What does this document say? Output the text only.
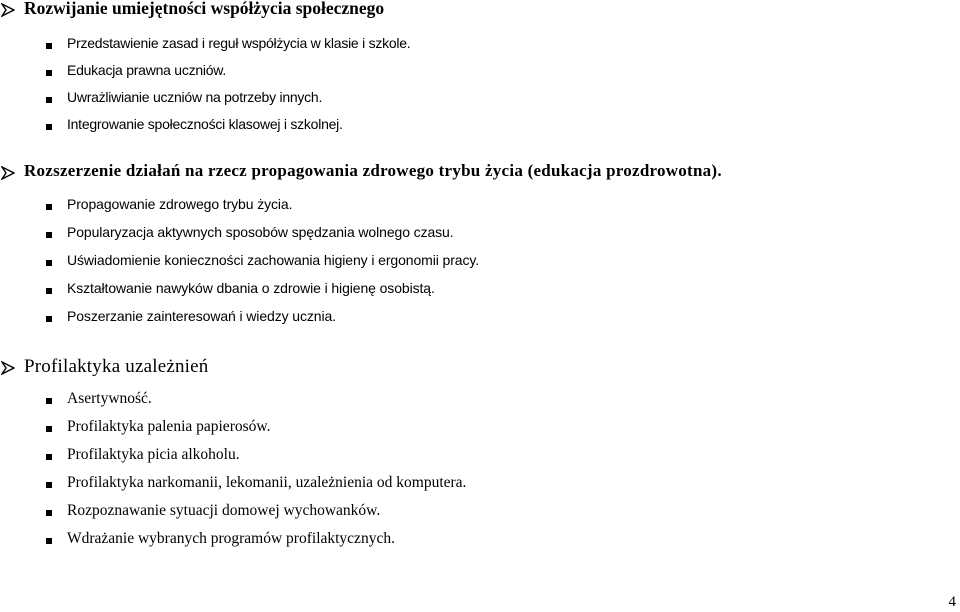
Rozwijanie umiejętności współżycia społecznego
Przedstawienie zasad i reguł współżycia w klasie i szkole.
Edukacja prawna uczniów.
Uwrażliwianie uczniów na potrzeby innych.
Integrowanie społeczności klasowej i szkolnej.
Rozszerzenie działań na rzecz propagowania zdrowego trybu życia (edukacja prozdrowotna).
Propagowanie zdrowego trybu życia.
Popularyzacja aktywnych sposobów spędzania wolnego czasu.
Uświadomienie konieczności zachowania higieny i ergonomii pracy.
Kształtowanie nawyków dbania o zdrowie i higienę osobistą.
Poszerzanie zainteresowań i wiedzy ucznia.
Profilaktyka uzależnień
Asertywność.
Profilaktyka palenia papierosów.
Profilaktyka picia alkoholu.
Profilaktyka narkomanii, lekomanii, uzależnienia od komputera.
Rozpoznawanie sytuacji domowej wychowanków.
Wdrażanie wybranych programów profilaktycznych.
4
